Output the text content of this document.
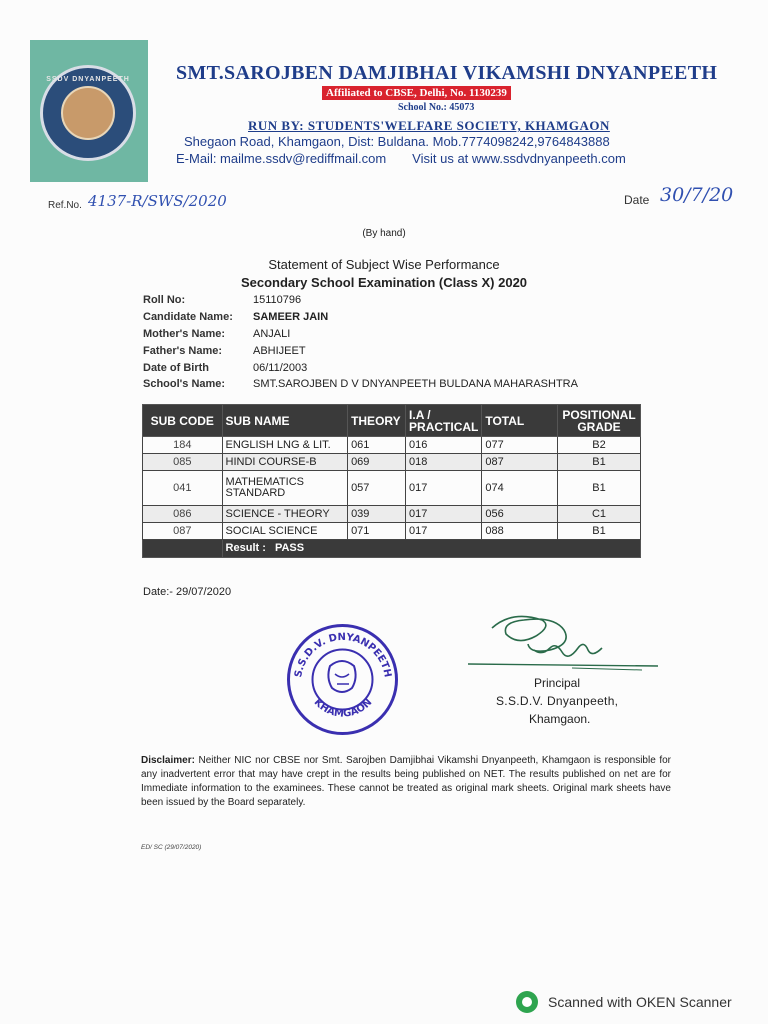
SSDV DNYANPEETH SMT.SAROJBEN DAMJIBHAI VIKAMSHI DNYANPEETH
Affiliated to CBSE, Delhi, No. 1130239
School No.: 45073
RUN BY: STUDENTS'WELFARE SOCIETY, KHAMGAON
Shegaon Road, Khamgaon, Dist: Buldana. Mob.7774098242,9764843888
E-Mail: mailme.ssdv@rediffmail.com Visit us at www.ssdvdnyanpeeth.com
Ref.No. 4137-R/SWS/2020	Date 30/7/20
(By hand)
Statement of Subject Wise Performance
Secondary School Examination (Class X) 2020
Roll No:	15110796
Candidate Name:	SAMEER JAIN
Mother's Name:	ANJALI
Father's Name:	ABHIJEET
Date of Birth	06/11/2003
School's Name:	SMT.SAROJBEN D V DNYANPEETH BULDANA MAHARASHTRA
SUB CODE	SUB NAME	THEORY	I.A / PRACTICAL	TOTAL	POSITIONAL GRADE
184	ENGLISH LNG & LIT.	061	016	077	B2
085	HINDI COURSE-B	069	018	087	B1
041	MATHEMATICS STANDARD	057	017	074	B1
086	SCIENCE - THEORY	039	017	056	C1
087	SOCIAL SCIENCE	071	017	088	B1
	Result : PASS				
Date:- 29/07/2020
S.S.D.V. DNYANPEETH
KHAMGAON
Principal
S.S.D.V. Dnyanpeeth,
Khamgaon.
Disclaimer: Neither NIC nor CBSE nor Smt. Sarojben Damjibhai Vikamshi Dnyanpeeth, Khamgaon is responsible for any inadvertent error that may have crept in the results being published on NET. The results published on net are for Immediate information to the examinees. These cannot be treated as original mark sheets. Original mark sheets have been issued by the Board separately.
ED/ SC (29/07/2020)
Scanned with OKEN Scanner
